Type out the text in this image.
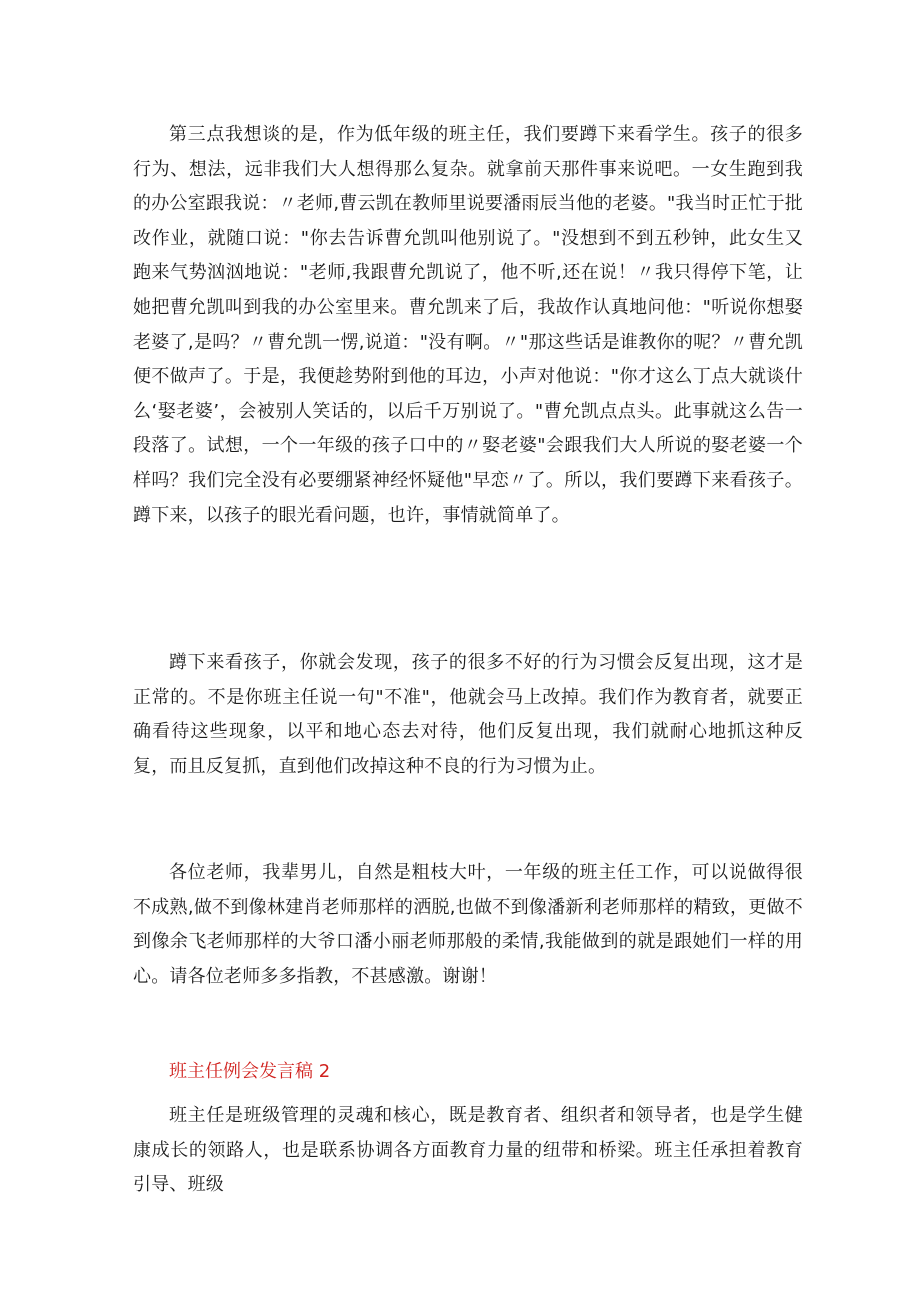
第三点我想谈的是，作为低年级的班主任，我们要蹲下来看学生。孩子的很多行为、想法，远非我们大人想得那么复杂。就拿前天那件事来说吧。一女生跑到我的办公室跟我说：〃老师,曹云凯在教师里说要潘雨辰当他的老婆。"我当时正忙于批改作业，就随口说："你去告诉曹允凯叫他别说了。"没想到不到五秒钟，此女生又跑来气势汹汹地说："老师,我跟曹允凯说了，他不听,还在说！〃我只得停下笔，让她把曹允凯叫到我的办公室里来。曹允凯来了后，我故作认真地问他："听说你想娶老婆了,是吗？〃曹允凯一愣,说道："没有啊。〃"那这些话是谁教你的呢？〃曹允凯便不做声了。于是，我便趁势附到他的耳边，小声对他说："你才这么丁点大就谈什么‘娶老婆’，会被别人笑话的，以后千万别说了。"曹允凯点点头。此事就这么告一段落了。试想，一个一年级的孩子口中的〃娶老婆"会跟我们大人所说的娶老婆一个样吗？我们完全没有必要绷紧神经怀疑他"早恋〃了。所以，我们要蹲下来看孩子。蹲下来，以孩子的眼光看问题，也许，事情就简单了。

蹲下来看孩子，你就会发现，孩子的很多不好的行为习惯会反复出现，这才是正常的。不是你班主任说一句"不准"，他就会马上改掉。我们作为教育者，就要正确看待这些现象，以平和地心态去对待，他们反复出现，我们就耐心地抓这种反复，而且反复抓，直到他们改掉这种不良的行为习惯为止。

各位老师，我辈男儿，自然是粗枝大叶，一年级的班主任工作，可以说做得很不成熟,做不到像林建肖老师那样的洒脱,也做不到像潘新利老师那样的精致，更做不到像余飞老师那样的大爷口潘小丽老师那般的柔情,我能做到的就是跟她们一样的用心。请各位老师多多指教，不甚感激。谢谢！

班主任例会发言稿 2

班主任是班级管理的灵魂和核心，既是教育者、组织者和领导者，也是学生健康成长的领路人，也是联系协调各方面教育力量的纽带和桥梁。班主任承担着教育引导、班级
